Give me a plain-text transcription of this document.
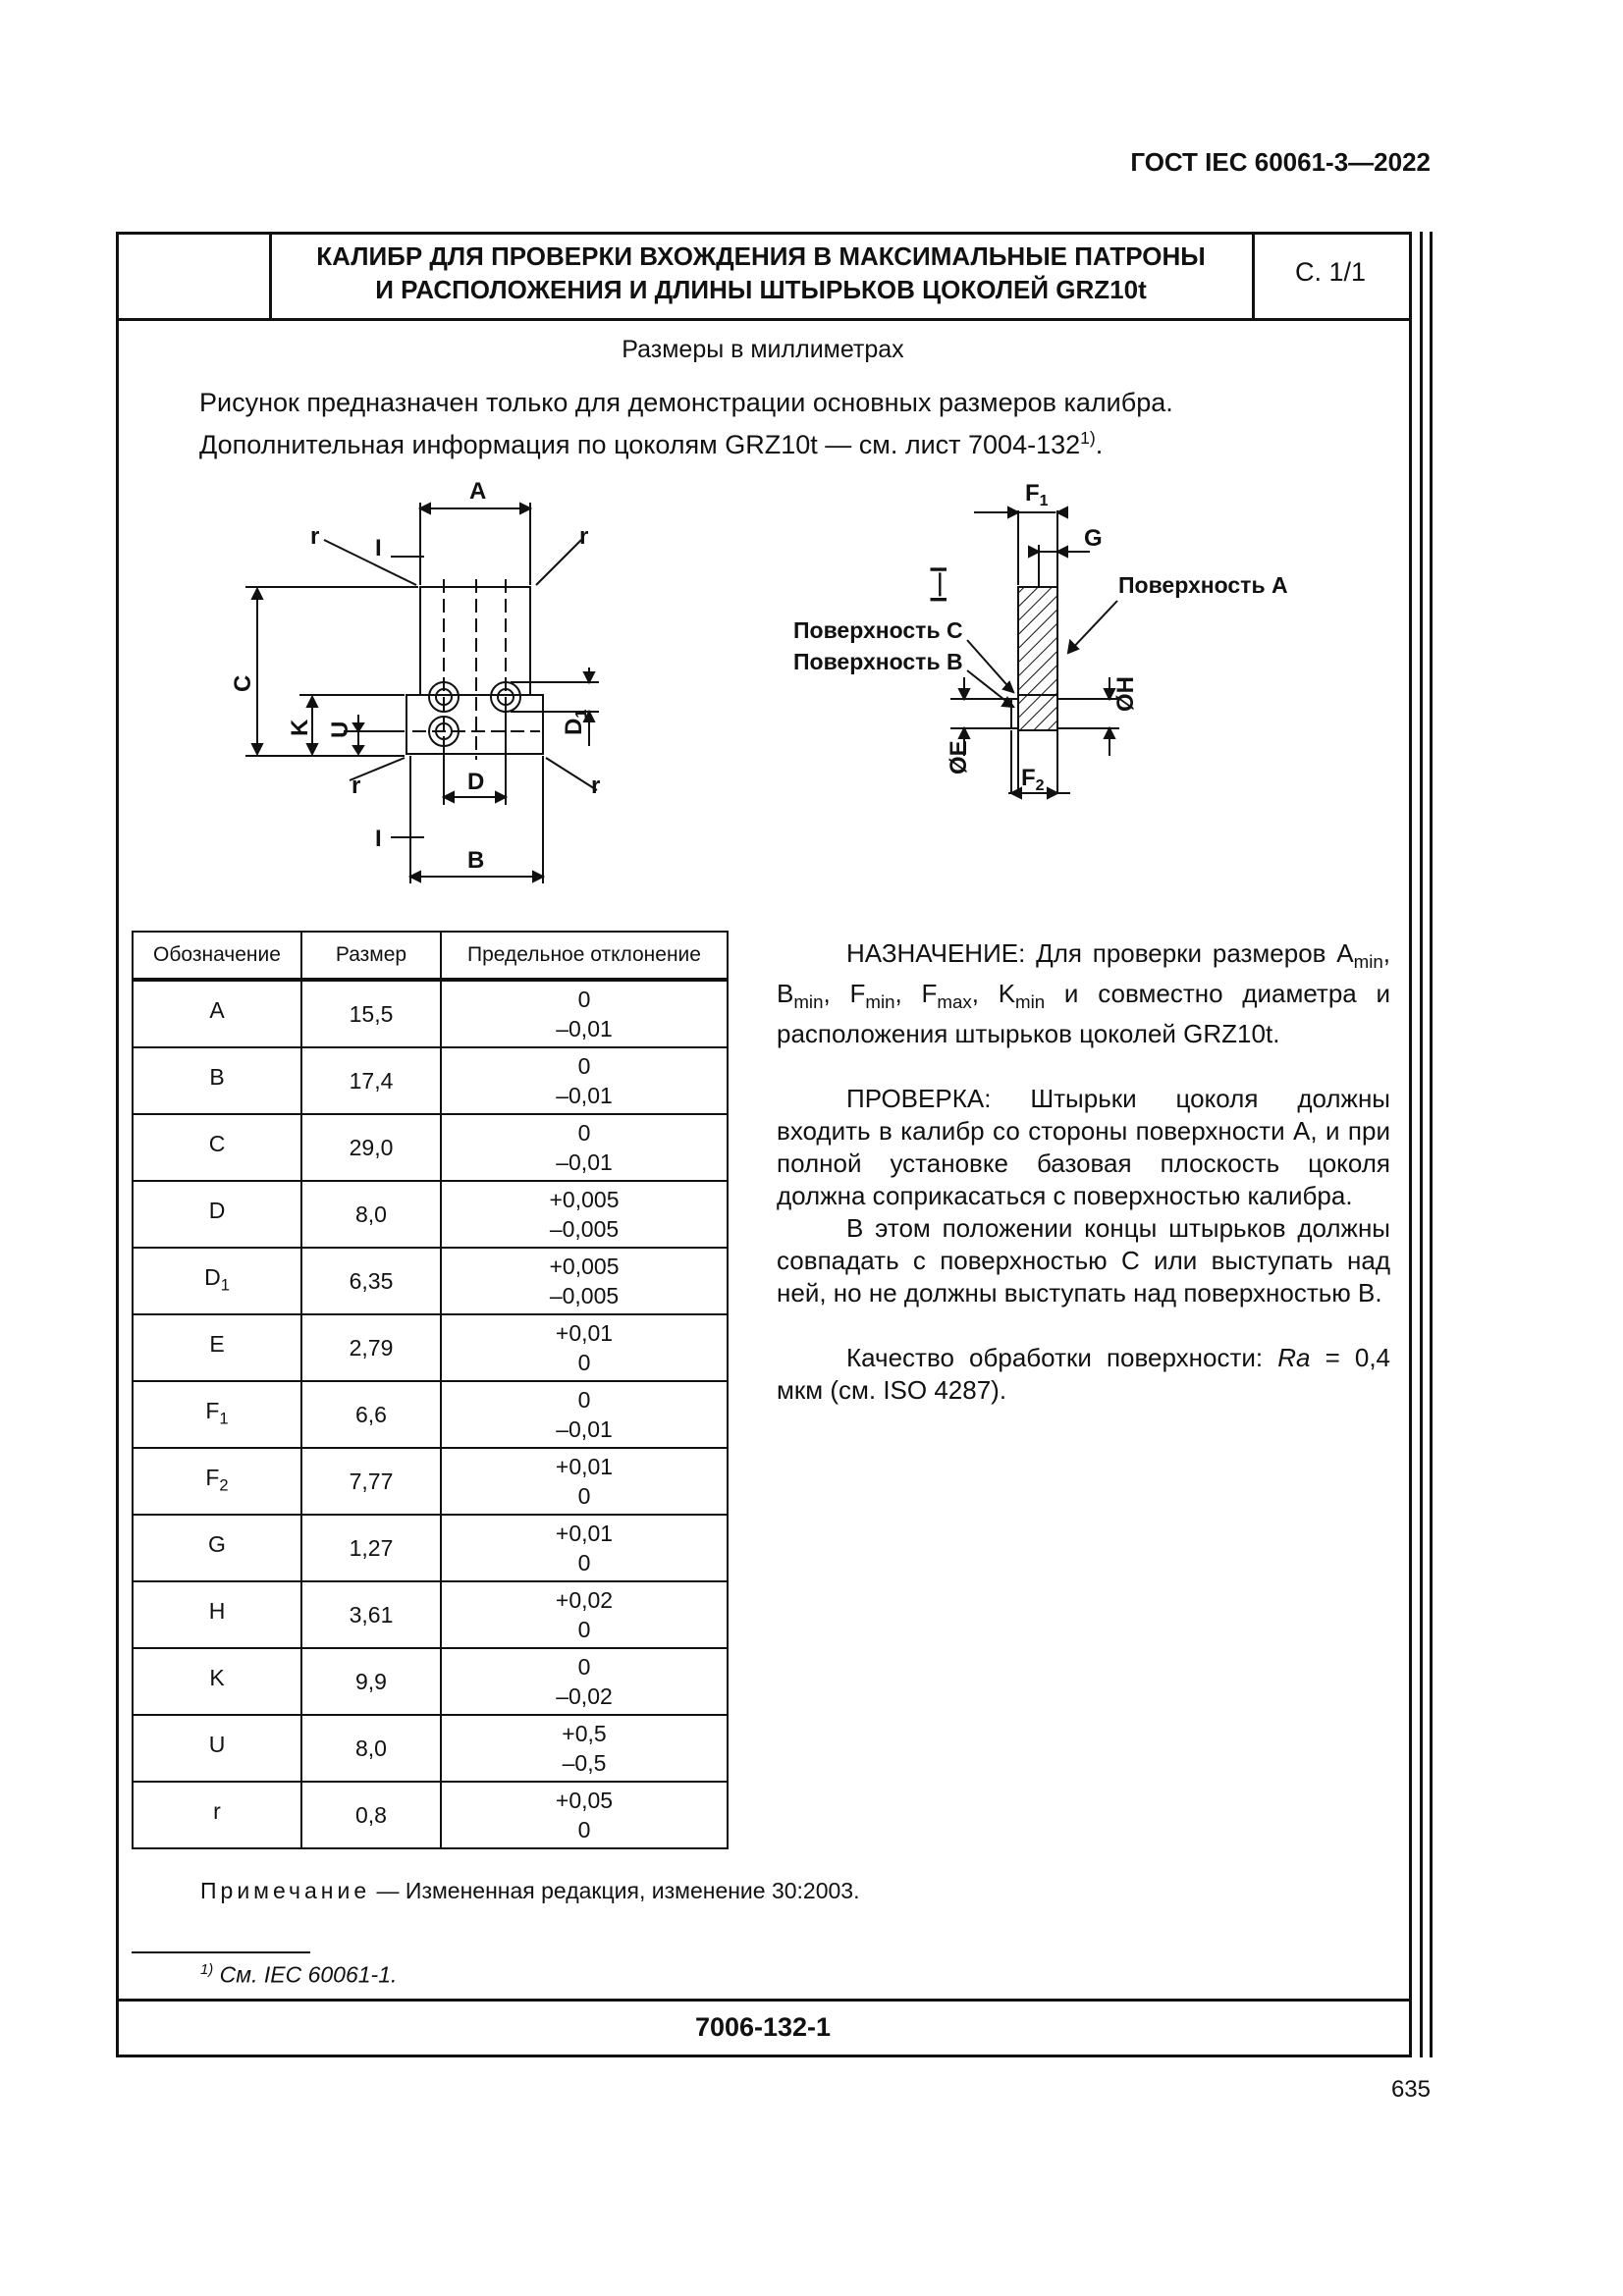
ГОСТ IEC 60061-3—2022
КАЛИБР ДЛЯ ПРОВЕРКИ ВХОЖДЕНИЯ В МАКСИМАЛЬНЫЕ ПАТРОНЫ
И РАСПОЛОЖЕНИЯ И ДЛИНЫ ШТЫРЬКОВ ЦОКОЛЕЙ GRZ10t
С. 1/1
Размеры в миллиметрах
Рисунок предназначен только для демонстрации основных размеров калибра.
Дополнительная информация по цоколям GRZ10t — см. лист 7004-132$^{1)}$.
A
B
D
C
K U	$D_1$
r	r
r	r
I
I
$F_1$
$F_2$
G
ØH
ØE
I—I	Поверхность A
Поверхность C
Поверхность B
Обозначение	Размер	Предельное отклонение
A	15,5	0
–0,01

B	17,4	0
–0,01

C	29,0	0
–0,01

D	8,0	+0,005
–0,005

$D_1$	6,35	+0,005
–0,005

E	2,79	+0,01
0

$F_1$	6,6	0
–0,01

$F_2$	7,77	+0,01
0

G	1,27	+0,01
0

H	3,61	+0,02
0

K	9,9	0
–0,02

U	8,0	+0,5
–0,5

r	0,8	+0,05
0

НАЗНАЧЕНИЕ: Для проверки размеров $A_{min}$, $B_{min}$, $F_{min}$, $F_{max}$, $K_{min}$ и совместно диаметра и расположения штырьков цоколей GRZ10t.

ПРОВЕРКА: Штырьки цоколя должны входить в калибр со стороны поверхности A, и при полной установке базовая плоскость цоколя должна соприкасаться с поверхностью калибра.

В этом положении концы штырьков должны совпадать с поверхностью C или выступать над ней, но не должны выступать над поверхностью B.

Качество обработки поверхности: Ra = 0,4 мкм (см. ISO 4287).

Примечание — Измененная редакция, изменение 30:2003.
$^{1)}$ См. IEC 60061-1.
7006-132-1
635
